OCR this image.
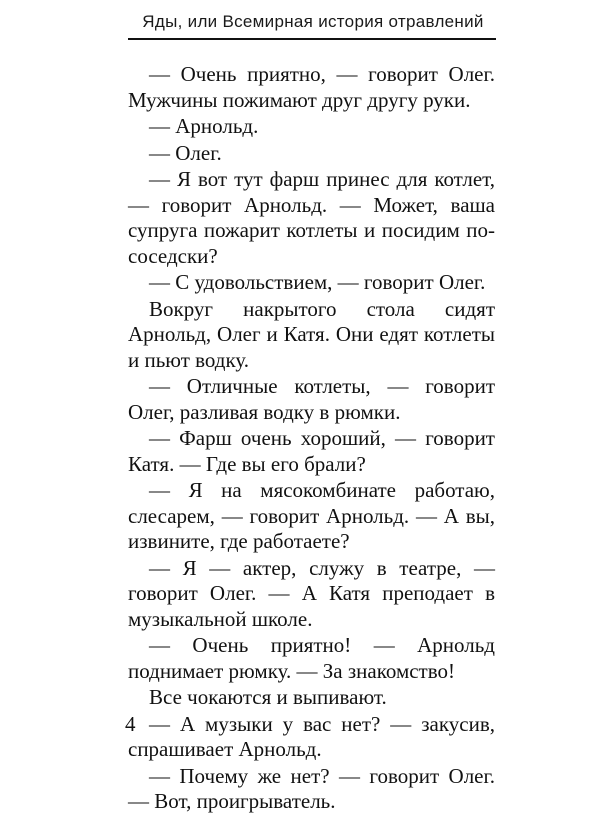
Яды, или Всемирная история отравлений

— Очень приятно, — говорит Олег. Мужчины пожимают друг другу руки.

— Арнольд.

— Олег.

— Я вот тут фарш принес для котлет, — говорит Арнольд. — Может, ваша супруга пожарит котлеты и посидим по-соседски?

— С удовольствием, — говорит Олег.

Вокруг накрытого стола сидят Арнольд, Олег и Катя. Они едят котлеты и пьют водку.

— Отличные котлеты, — говорит Олег, разливая водку в рюмки.

— Фарш очень хороший, — говорит Катя. — Где вы его брали?

— Я на мясокомбинате работаю, слесарем, — говорит Арнольд. — А вы, извините, где работаете?

— Я — актер, служу в театре, — говорит Олег. — А Катя преподает в музыкальной школе.

— Очень приятно! — Арнольд поднимает рюмку. — За знакомство!

Все чокаются и выпивают.

— А музыки у вас нет? — закусив, спрашивает Арнольд.

— Почему же нет? — говорит Олег. — Вот, проигрыватель.

4
